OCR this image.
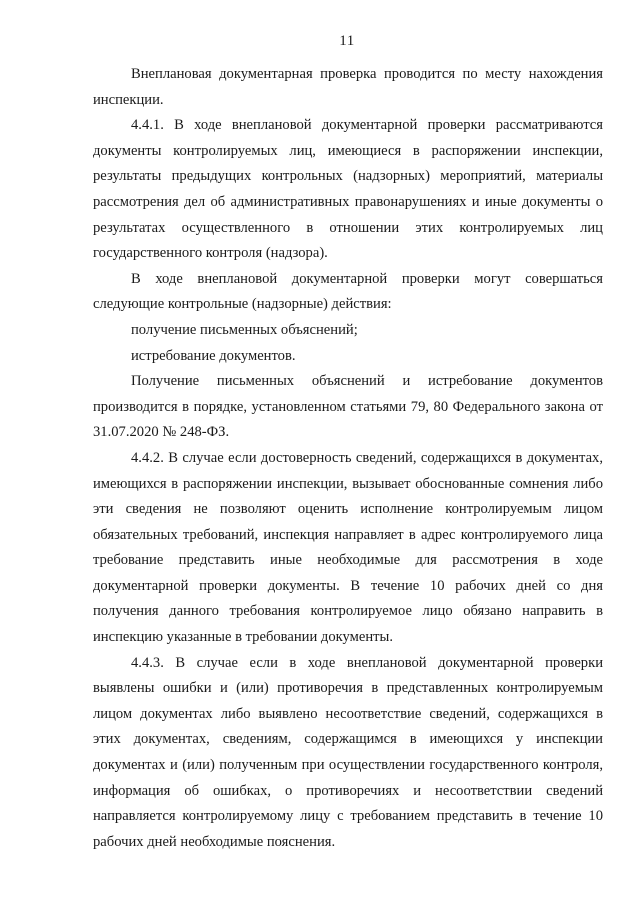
11

Внеплановая документарная проверка проводится по месту нахождения инспекции.

4.4.1. В ходе внеплановой документарной проверки рассматриваются документы контролируемых лиц, имеющиеся в распоряжении инспекции, результаты предыдущих контрольных (надзорных) мероприятий, материалы рассмотрения дел об административных правонарушениях и иные документы о результатах осуществленного в отношении этих контролируемых лиц государственного контроля (надзора).

В ходе внеплановой документарной проверки могут совершаться следующие контрольные (надзорные) действия:

получение письменных объяснений;

истребование документов.

Получение письменных объяснений и истребование документов производится в порядке, установленном статьями 79, 80 Федерального закона от 31.07.2020 № 248-ФЗ.

4.4.2. В случае если достоверность сведений, содержащихся в документах, имеющихся в распоряжении инспекции, вызывает обоснованные сомнения либо эти сведения не позволяют оценить исполнение контролируемым лицом обязательных требований, инспекция направляет в адрес контролируемого лица требование представить иные необходимые для рассмотрения в ходе документарной проверки документы. В течение 10 рабочих дней со дня получения данного требования контролируемое лицо обязано направить в инспекцию указанные в требовании документы.

4.4.3. В случае если в ходе внеплановой документарной проверки выявлены ошибки и (или) противоречия в представленных контролируемым лицом документах либо выявлено несоответствие сведений, содержащихся в этих документах, сведениям, содержащимся в имеющихся у инспекции документах и (или) полученным при осуществлении государственного контроля, информация об ошибках, о противоречиях и несоответствии сведений направляется контролируемому лицу с требованием представить в течение 10 рабочих дней необходимые пояснения.
